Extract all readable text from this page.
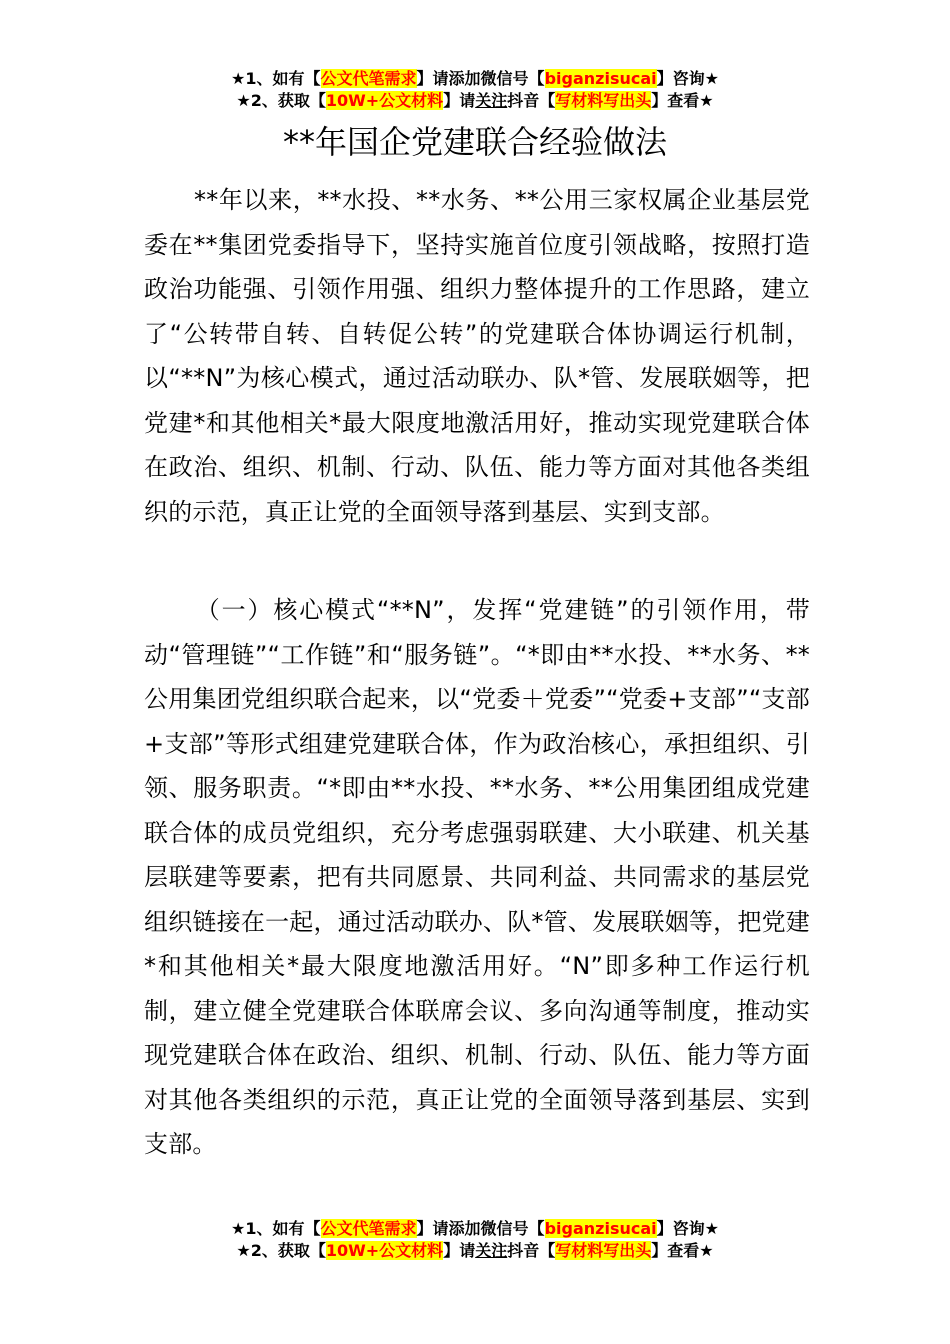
★1、如有【公文代笔需求】请添加微信号【biganzisucai】咨询★
★2、获取【10W+公文材料】请关注抖音【写材料写出头】查看★
**年国企党建联合经验做法

**年以来，**水投、**水务、**公用三家权属企业基层党委在**集团党委指导下，坚持实施首位度引领战略，按照打造政治功能强、引领作用强、组织力整体提升的工作思路，建立了“公转带自转、自转促公转”的党建联合体协调运行机制，以“**N”为核心模式，通过活动联办、队*管、发展联姻等，把党建*和其他相关*最大限度地激活用好，推动实现党建联合体在政治、组织、机制、行动、队伍、能力等方面对其他各类组织的示范，真正让党的全面领导落到基层、实到支部。

（一）核心模式“**N”，发挥“党建链”的引领作用，带动“管理链”“工作链”和“服务链”。“*即由**水投、**水务、**公用集团党组织联合起来，以“党委＋党委”“党委+支部”“支部+支部”等形式组建党建联合体，作为政治核心，承担组织、引领、服务职责。“*即由**水投、**水务、**公用集团组成党建联合体的成员党组织，充分考虑强弱联建、大小联建、机关基层联建等要素，把有共同愿景、共同利益、共同需求的基层党组织链接在一起，通过活动联办、队*管、发展联姻等，把党建*和其他相关*最大限度地激活用好。“N”即多种工作运行机制，建立健全党建联合体联席会议、多向沟通等制度，推动实现党建联合体在政治、组织、机制、行动、队伍、能力等方面对其他各类组织的示范，真正让党的全面领导落到基层、实到支部。

★1、如有【公文代笔需求】请添加微信号【biganzisucai】咨询★
★2、获取【10W+公文材料】请关注抖音【写材料写出头】查看★
